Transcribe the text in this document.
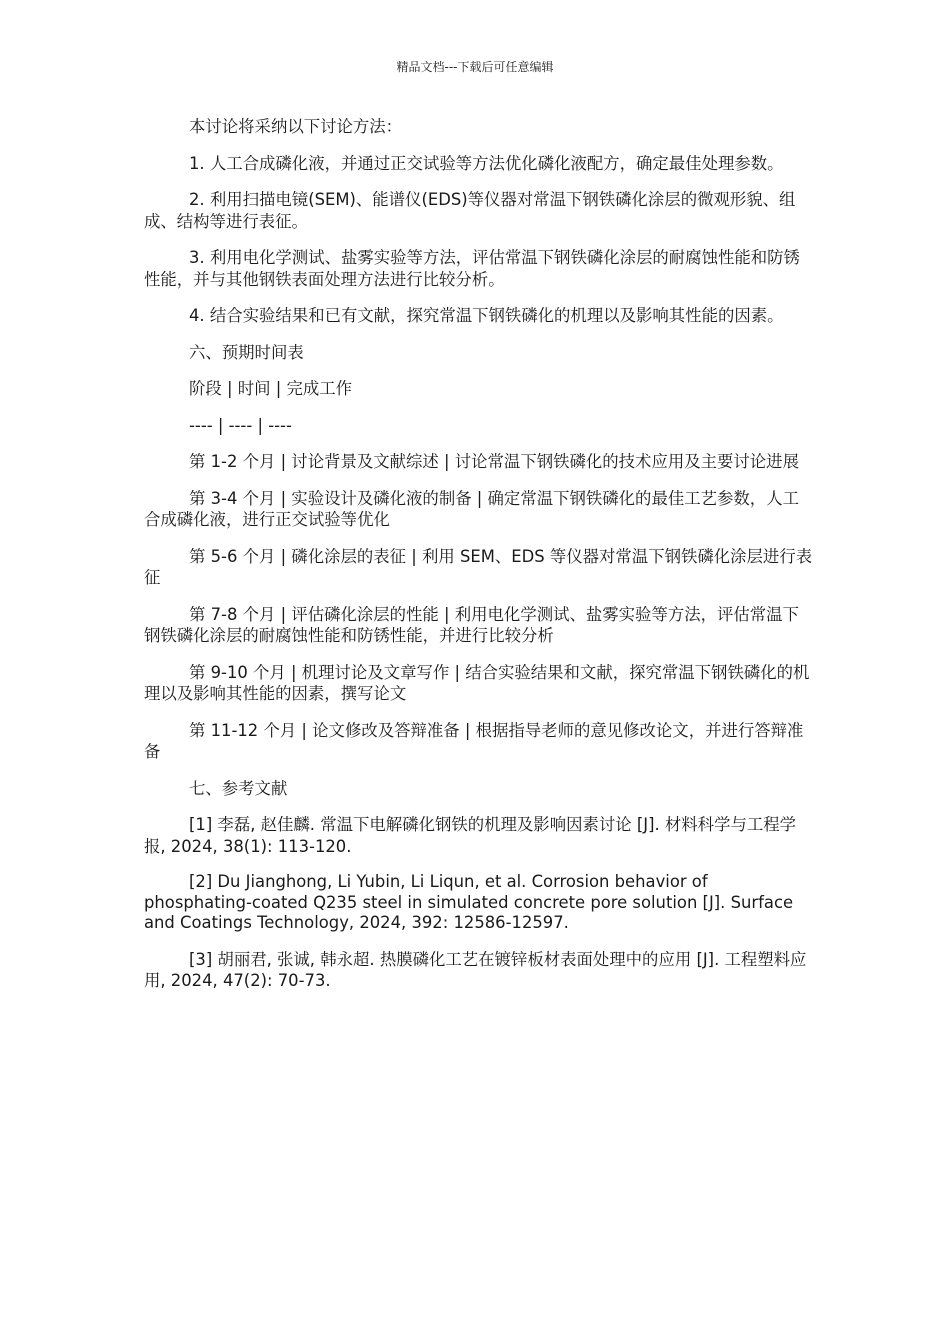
精品文档---下载后可任意编辑

本讨论将采纳以下讨论方法：

1. 人工合成磷化液，并通过正交试验等方法优化磷化液配方，确定最佳处理参数。

2. 利用扫描电镜(SEM)、能谱仪(EDS)等仪器对常温下钢铁磷化涂层的微观形貌、组成、结构等进行表征。

3. 利用电化学测试、盐雾实验等方法，评估常温下钢铁磷化涂层的耐腐蚀性能和防锈性能，并与其他钢铁表面处理方法进行比较分析。

4. 结合实验结果和已有文献，探究常温下钢铁磷化的机理以及影响其性能的因素。

六、预期时间表

阶段 | 时间 | 完成工作

---- | ---- | ----

第 1-2 个月 | 讨论背景及文献综述 | 讨论常温下钢铁磷化的技术应用及主要讨论进展

第 3-4 个月 | 实验设计及磷化液的制备 | 确定常温下钢铁磷化的最佳工艺参数，人工合成磷化液，进行正交试验等优化

第 5-6 个月 | 磷化涂层的表征 | 利用 SEM、EDS 等仪器对常温下钢铁磷化涂层进行表征

第 7-8 个月 | 评估磷化涂层的性能 | 利用电化学测试、盐雾实验等方法，评估常温下钢铁磷化涂层的耐腐蚀性能和防锈性能，并进行比较分析

第 9-10 个月 | 机理讨论及文章写作 | 结合实验结果和文献，探究常温下钢铁磷化的机理以及影响其性能的因素，撰写论文

第 11-12 个月 | 论文修改及答辩准备 | 根据指导老师的意见修改论文，并进行答辩准备

七、参考文献

[1] 李磊, 赵佳麟. 常温下电解磷化钢铁的机理及影响因素讨论 [J]. 材料科学与工程学报, 2024, 38(1): 113-120.

[2] Du Jianghong, Li Yubin, Li Liqun, et al. Corrosion behavior of phosphating-coated Q235 steel in simulated concrete pore solution [J]. Surface and Coatings Technology, 2024, 392: 12586-12597.

[3] 胡丽君, 张诚, 韩永超. 热膜磷化工艺在镀锌板材表面处理中的应用 [J]. 工程塑料应用, 2024, 47(2): 70-73.
